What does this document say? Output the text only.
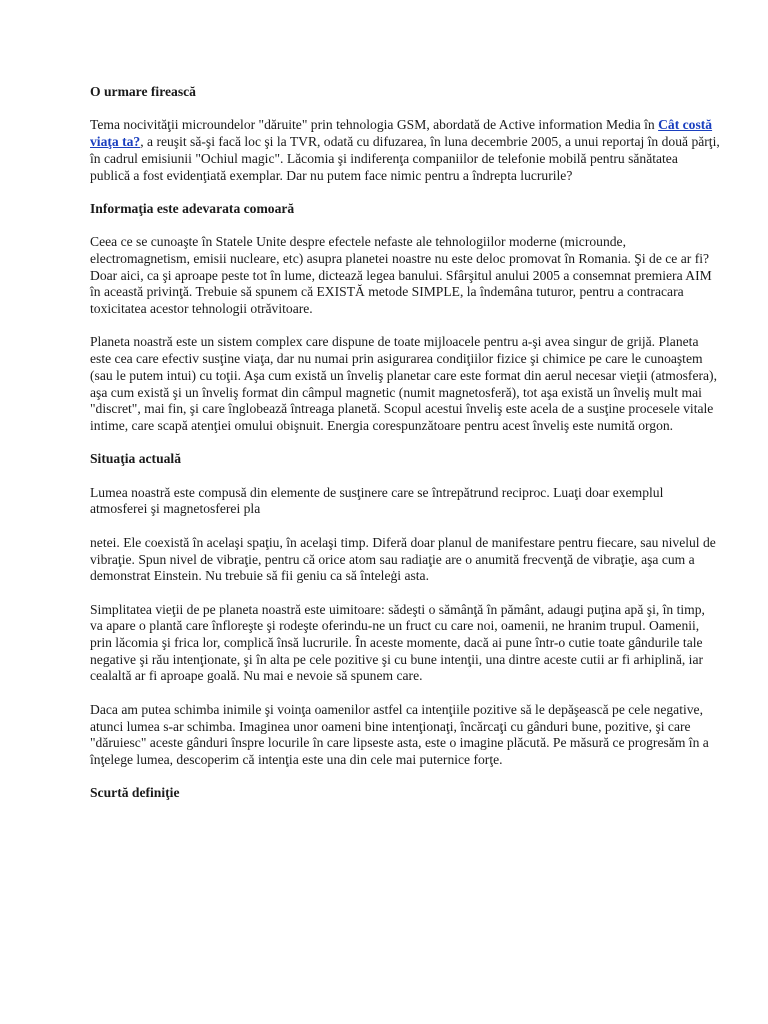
O urmare firească

Tema nocivităţii microundelor "dăruite" prin tehnologia GSM, abordată de Active information Media în Cât costă viaţa ta?, a reuşit să-şi facă loc şi la TVR, odată cu difuzarea, în luna decembrie 2005, a unui reportaj în două părţi, în cadrul emisiunii "Ochiul magic". Lăcomia şi indiferenţa companiilor de telefonie mobilă pentru sănătatea publică a fost evidenţiată exemplar. Dar nu putem face nimic pentru a îndrepta lucrurile?

Informaţia este adevarata comoară

Ceea ce se cunoaşte în Statele Unite despre efectele nefaste ale tehnologiilor moderne (microunde, electromagnetism, emisii nucleare, etc) asupra planetei noastre nu este deloc promovat în Romania. Şi de ce ar fi? Doar aici, ca şi aproape peste tot în lume, dictează legea banului. Sfârşitul anului 2005 a consemnat premiera AIM în această privinţă. Trebuie să spunem că EXISTĂ metode SIMPLE, la îndemâna tuturor, pentru a contracara toxicitatea acestor tehnologii otrăvitoare.

Planeta noastră este un sistem complex care dispune de toate mijloacele pentru a-şi avea singur de grijă. Planeta este cea care efectiv susţine viaţa, dar nu numai prin asigurarea condiţiilor fizice şi chimice pe care le cunoaştem (sau le putem intui) cu toţii. Aşa cum există un înveliş planetar care este format din aerul necesar vieţii (atmosfera), aşa cum există şi un înveliş format din câmpul magnetic (numit magnetosferă), tot aşa există un înveliş mult mai "discret", mai fin, şi care înglobează întreaga planetă. Scopul acestui înveliş este acela de a susţine procesele vitale intime, care scapă atenţiei omului obişnuit. Energia corespunzătoare pentru acest înveliş este numită orgon.

Situaţia actuală

Lumea noastră este compusă din elemente de susţinere care se întrepătrund reciproc. Luaţi doar exemplul atmosferei şi magnetosferei pla

netei. Ele coexistă în acelaşi spaţiu, în acelaşi timp. Diferă doar planul de manifestare pentru fiecare, sau nivelul de vibraţie. Spun nivel de vibraţie, pentru că orice atom sau radiaţie are o anumită frecvenţă de vibraţie, aşa cum a demonstrat Einstein. Nu trebuie să fii geniu ca să înteleġi asta.

Simplitatea vieţii de pe planeta noastră este uimitoare: sădeşti o sămânţă în pământ, adaugi puţina apă şi, în timp, va apare o plantă care înfloreşte şi rodeşte oferindu-ne un fruct cu care noi, oamenii, ne hranim trupul. Oamenii, prin lăcomia şi frica lor, complică însă lucrurile. În aceste momente, dacă ai pune într-o cutie toate gândurile tale negative şi rău intenţionate, şi în alta pe cele pozitive şi cu bune intenţii, una dintre aceste cutii ar fi arhiplină, iar cealaltă ar fi aproape goală. Nu mai e nevoie să spunem care.

Daca am putea schimba inimile şi voinţa oamenilor astfel ca intenţiile pozitive să le depăşească pe cele negative, atunci lumea s-ar schimba. Imaginea unor oameni bine intenţionaţi, încărcaţi cu gânduri bune, pozitive, şi care "dăruiesc" aceste gânduri înspre locurile în care lipseste asta, este o imagine plăcută. Pe măsură ce progresăm în a înţelege lumea, descoperim că intenţia este una din cele mai puternice forţe.

Scurtă definiţie
